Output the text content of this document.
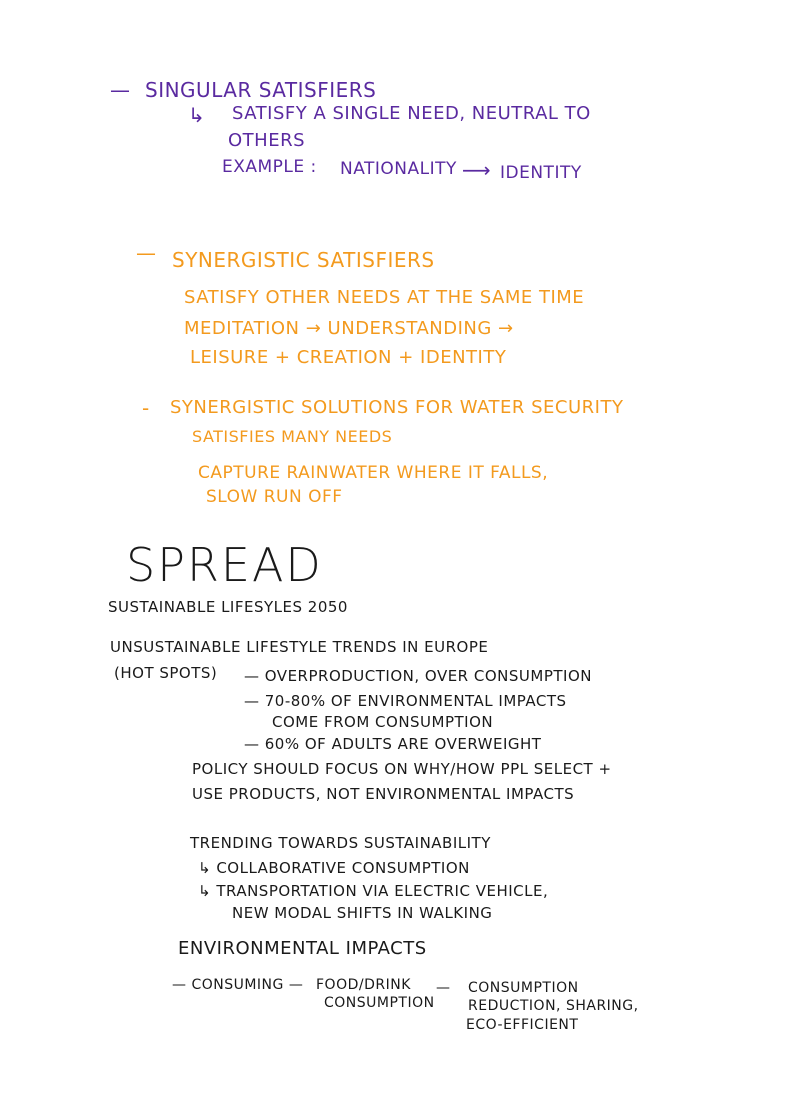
— SINGULAR SATISFIERS
↳ SATISFY A SINGLE NEED, NEUTRAL TO
OTHERS
EXAMPLE : NATIONALITY ⟶ IDENTITY
— SYNERGISTIC SATISFIERS
SATISFY OTHER NEEDS AT THE SAME TIME
MEDITATION → UNDERSTANDING →
LEISURE + CREATION + IDENTITY
- SYNERGISTIC SOLUTIONS FOR WATER SECURITY
SATISFIES MANY NEEDS
CAPTURE RAINWATER WHERE IT FALLS,
SLOW RUN OFF
SPREAD
SUSTAINABLE LIFESYLES 2050
UNSUSTAINABLE LIFESTYLE TRENDS IN EUROPE
(HOT SPOTS) — OVERPRODUCTION, OVER CONSUMPTION
— 70-80% OF ENVIRONMENTAL IMPACTS
COME FROM CONSUMPTION
— 60% OF ADULTS ARE OVERWEIGHT
POLICY SHOULD FOCUS ON WHY/HOW PPL SELECT +
USE PRODUCTS, NOT ENVIRONMENTAL IMPACTS
TRENDING TOWARDS SUSTAINABILITY
↳ COLLABORATIVE CONSUMPTION
↳ TRANSPORTATION VIA ELECTRIC VEHICLE,
NEW MODAL SHIFTS IN WALKING
ENVIRONMENTAL IMPACTS
— CONSUMING — FOOD/DRINK
CONSUMPTION
— CONSUMPTION
REDUCTION, SHARING,
ECO-EFFICIENT
